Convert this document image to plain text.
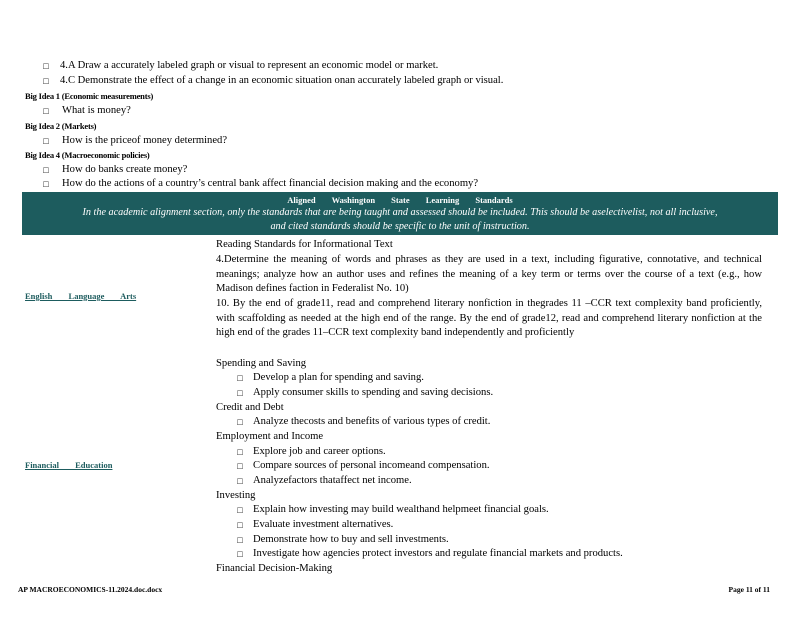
□
4.A Draw a accurately labeled graph or visual to represent an economic model or market.
□
4.C Demonstrate the effect of a change in an economic situation onan accurately labeled graph or visual.
Big Idea 1 (Economic measurements)
□
What is money?
Big Idea 2 (Markets)
□
How is the priceof money determined?
Big Idea 4 (Macroeconomic policies)
□
How do banks create money?
□
How do the actions of a country’s central bank affect financial decision making and the economy?
Aligned Washington State Learning Standards
In the academic alignment section, only the standards that are being taught and assessed should be included. This should be aselectivelist, not all inclusive,
and cited standards should be specific to the unit of instruction.
English Language Arts
Reading Standards for Informational Text
4.Determine the meaning of words and phrases as they are used in a text, including figurative, connotative, and technical meanings; analyze how an author uses and refines the meaning of a key term or terms over the course of a text (e.g., how Madison defines faction in Federalist No. 10)
10. By the end of grade11, read and comprehend literary nonfiction in thegrades 11 –CCR text complexity band proficiently, with scaffolding as needed at the high end of the range. By the end of grade12, read and comprehend literary nonfiction at the high end of the grades 11–CCR text complexity band independently and proficiently
Financial Education
Spending and Saving
□
Develop a plan for spending and saving.
□
Apply consumer skills to spending and saving decisions.
Credit and Debt
□
Analyze thecosts and benefits of various types of credit.
Employment and Income
□
Explore job and career options.
□
Compare sources of personal incomeand compensation.
□
Analyzefactors thataffect net income.
Investing
□
Explain how investing may build wealthand helpmeet financial goals.
□
Evaluate investment alternatives.
□
Demonstrate how to buy and sell investments.
□
Investigate how agencies protect investors and regulate financial markets and products.
Financial Decision-Making
AP MACROECONOMICS-11.2024.doc.docx	Page 11 of 11
